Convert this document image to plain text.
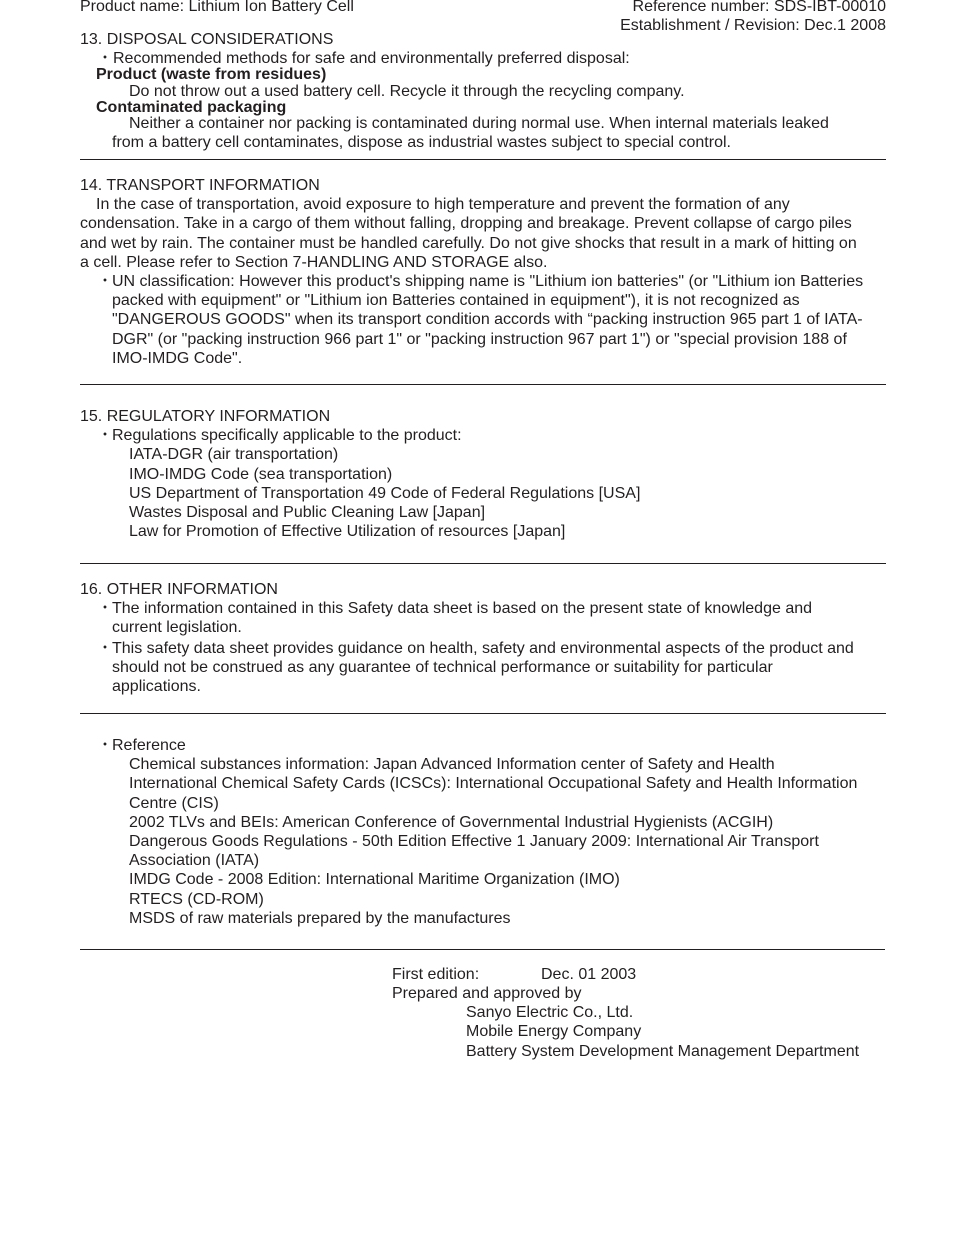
Product name: Lithium Ion Battery Cell	Reference number: SDS-IBT-00010
Establishment / Revision: Dec.1 2008
13. DISPOSAL CONSIDERATIONS
・ Recommended methods for safe and environmentally preferred disposal:
Product (waste from residues)
Do not throw out a used battery cell. Recycle it through the recycling company.
Contaminated packaging
Neither a container nor packing is contaminated during normal use. When internal materials leaked
from a battery cell contaminates, dispose as industrial wastes subject to special control.
14. TRANSPORT INFORMATION
In the case of transportation, avoid exposure to high temperature and prevent the formation of any
condensation. Take in a cargo of them without falling, dropping and breakage. Prevent collapse of cargo piles
and wet by rain. The container must be handled carefully. Do not give shocks that result in a mark of hitting on
a cell. Please refer to Section 7-HANDLING AND STORAGE also.
・ UN classification: However this product's shipping name is "Lithium ion batteries" (or "Lithium ion Batteries
packed with equipment" or "Lithium ion Batteries contained in equipment"), it is not recognized as
"DANGEROUS GOODS" when its transport condition accords with “packing instruction 965 part 1 of IATA-
DGR" (or "packing instruction 966 part 1" or "packing instruction 967 part 1") or "special provision 188 of
IMO-IMDG Code".
15. REGULATORY INFORMATION
・ Regulations specifically applicable to the product:
IATA-DGR (air transportation)
IMO-IMDG Code (sea transportation)
US Department of Transportation 49 Code of Federal Regulations [USA]
Wastes Disposal and Public Cleaning Law [Japan]
Law for Promotion of Effective Utilization of resources [Japan]
16. OTHER INFORMATION
・ The information contained in this Safety data sheet is based on the present state of knowledge and
current legislation.
・ This safety data sheet provides guidance on health, safety and environmental aspects of the product and
should not be construed as any guarantee of technical performance or suitability for particular
applications.
・ Reference
Chemical substances information: Japan Advanced Information center of Safety and Health
International Chemical Safety Cards (ICSCs): International Occupational Safety and Health Information
Centre (CIS)
2002 TLVs and BEIs: American Conference of Governmental Industrial Hygienists (ACGIH)
Dangerous Goods Regulations - 50th Edition Effective 1 January 2009: International Air Transport
Association (IATA)
IMDG Code - 2008 Edition: International Maritime Organization (IMO)
RTECS (CD-ROM)
MSDS of raw materials prepared by the manufactures
First edition:	Dec. 01 2003
Prepared and approved by
Sanyo Electric Co., Ltd.
Mobile Energy Company
Battery System Development Management Department
